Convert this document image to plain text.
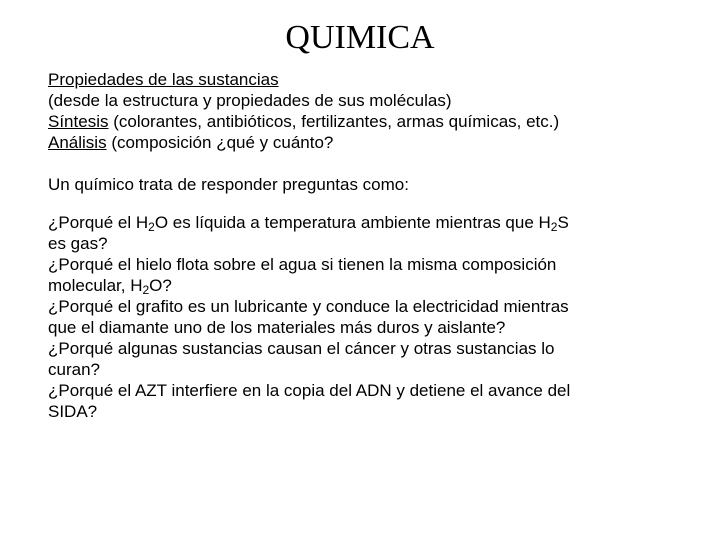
QUIMICA

Propiedades de las sustancias

(desde la estructura y propiedades de sus moléculas)

Síntesis (colorantes, antibióticos, fertilizantes, armas químicas, etc.)

Análisis (composición ¿qué y cuánto?

Un químico trata de responder preguntas como:

¿Porqué el $H_2O$ es líquida a temperatura ambiente mientras que $H_2S$

es gas?

¿Porqué el hielo flota sobre el agua si tienen la misma composición

molecular, $H_2O$?

¿Porqué el grafito es un lubricante y conduce la electricidad mientras

que el diamante uno de los materiales más duros y aislante?

¿Porqué algunas sustancias causan el cáncer y otras sustancias lo

curan?

¿Porqué el AZT interfiere en la copia del ADN y detiene el avance del

SIDA?
